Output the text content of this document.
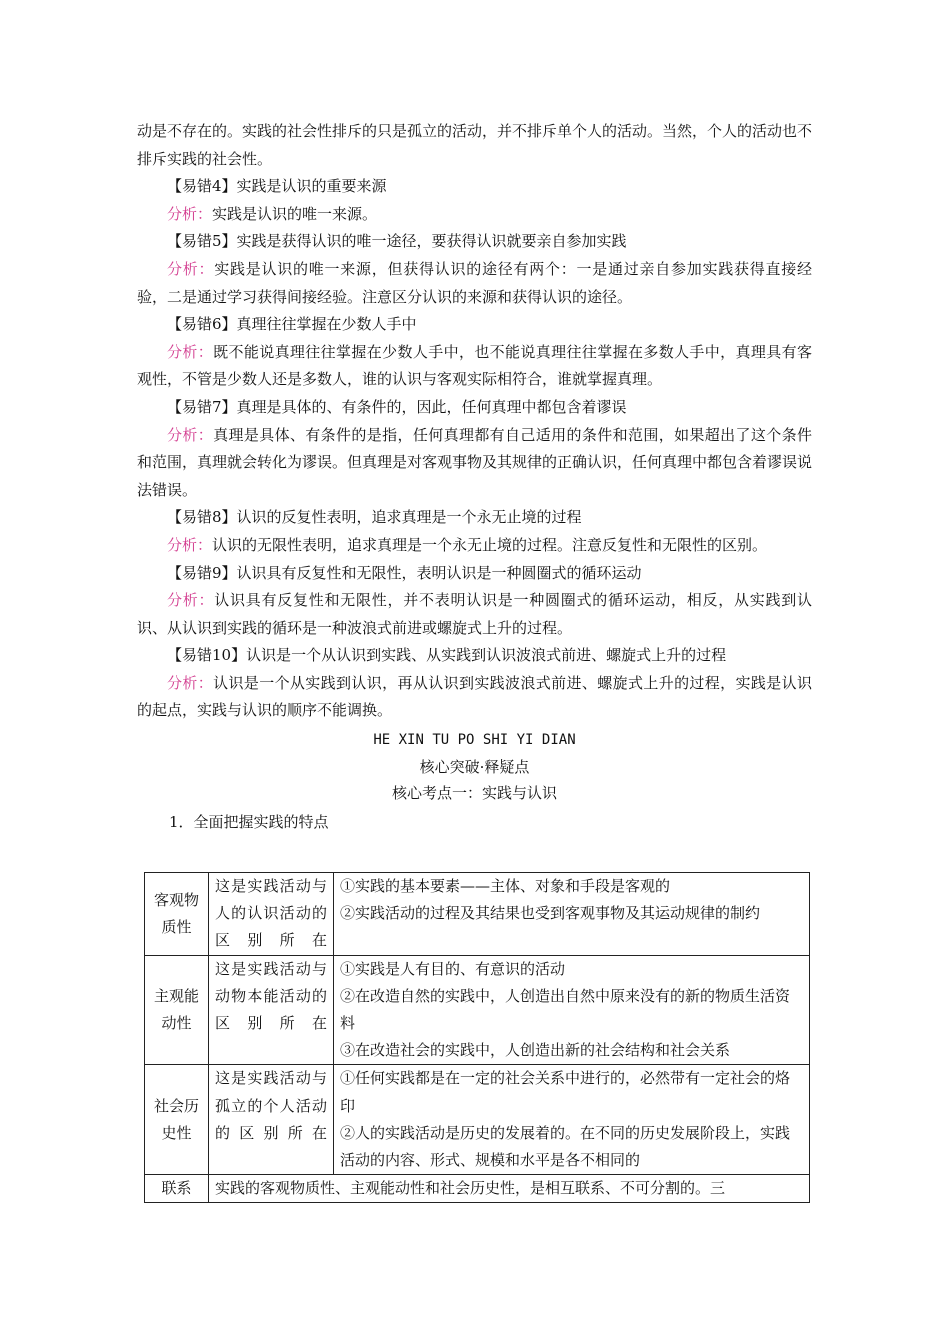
动是不存在的。实践的社会性排斥的只是孤立的活动，并不排斥单个人的活动。当然，个人的活动也不排斥实践的社会性。

【易错4】实践是认识的重要来源

分析：实践是认识的唯一来源。

【易错5】实践是获得认识的唯一途径，要获得认识就要亲自参加实践

分析：实践是认识的唯一来源，但获得认识的途径有两个：一是通过亲自参加实践获得直接经验，二是通过学习获得间接经验。注意区分认识的来源和获得认识的途径。

【易错6】真理往往掌握在少数人手中

分析：既不能说真理往往掌握在少数人手中，也不能说真理往往掌握在多数人手中，真理具有客观性，不管是少数人还是多数人，谁的认识与客观实际相符合，谁就掌握真理。

【易错7】真理是具体的、有条件的，因此，任何真理中都包含着谬误

分析：真理是具体、有条件的是指，任何真理都有自己适用的条件和范围，如果超出了这个条件和范围，真理就会转化为谬误。但真理是对客观事物及其规律的正确认识，任何真理中都包含着谬误说法错误。

【易错8】认识的反复性表明，追求真理是一个永无止境的过程

分析：认识的无限性表明，追求真理是一个永无止境的过程。注意反复性和无限性的区别。

【易错9】认识具有反复性和无限性，表明认识是一种圆圈式的循环运动

分析：认识具有反复性和无限性，并不表明认识是一种圆圈式的循环运动，相反，从实践到认识、从认识到实践的循环是一种波浪式前进或螺旋式上升的过程。

【易错10】认识是一个从认识到实践、从实践到认识波浪式前进、螺旋式上升的过程

分析：认识是一个从实践到认识，再从认识到实践波浪式前进、螺旋式上升的过程，实践是认识的起点，实践与认识的顺序不能调换。

HE XIN TU PO SHI YI DIAN

核心突破·释疑点

核心考点一：实践与认识

1．全面把握实践的特点

客观物质性	这是实践活动与人的认识活动的区别所在	①实践的基本要素——主体、对象和手段是客观的
②实践活动的过程及其结果也受到客观事物及其运动规律的制约

主观能动性	这是实践活动与动物本能活动的区别所在	①实践是人有目的、有意识的活动
②在改造自然的实践中，人创造出自然中原来没有的新的物质生活资料
③在改造社会的实践中，人创造出新的社会结构和社会关系

社会历史性	这是实践活动与孤立的个人活动的区别所在	①任何实践都是在一定的社会关系中进行的，必然带有一定社会的烙印
②人的实践活动是历史的发展着的。在不同的历史发展阶段上，实践活动的内容、形式、规模和水平是各不相同的

联系	实践的客观物质性、主观能动性和社会历史性，是相互联系、不可分割的。三	
